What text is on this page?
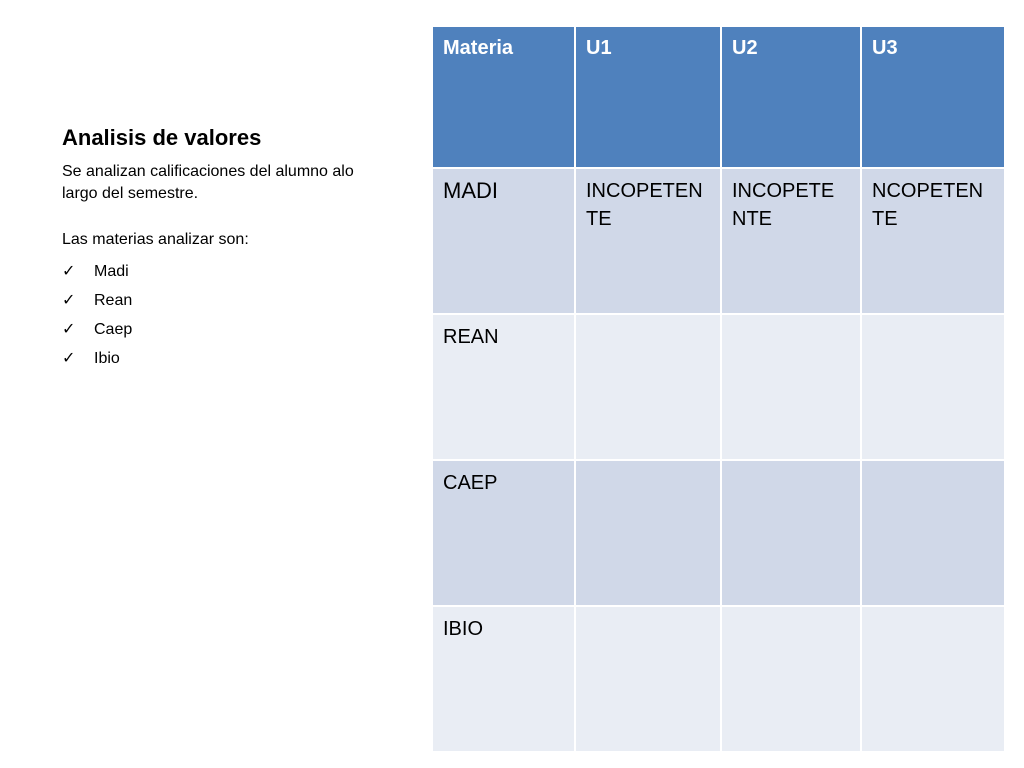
Analisis de valores
Se analizan calificaciones del alumno alo largo del semestre.
Las materias analizar son:
✓	Madi
✓	Rean
✓	Caep
✓	Ibio
Materia	U1	U2	U3
MADI	INCOPETEN TE	INCOPETE NTE	NCOPETEN TE
REAN			
CAEP			
IBIO			
